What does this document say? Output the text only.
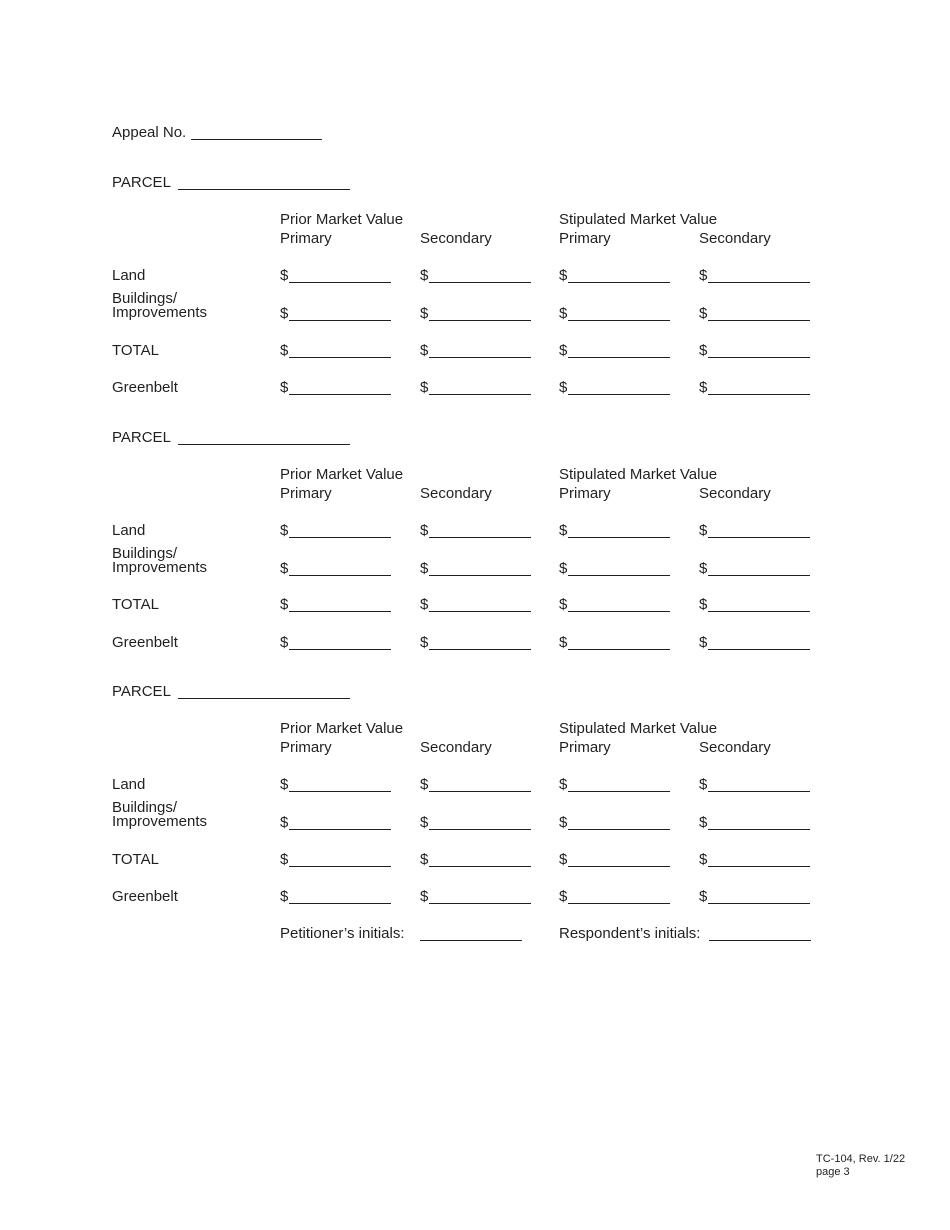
Appeal No.
PARCEL
Prior Market Value	Stipulated Market Value
Primary	Secondary	Primary	Secondary
Land	$	$	$	$
Buildings/
Improvements	$	$	$	$
TOTAL	$	$	$	$
Greenbelt	$	$	$	$
PARCEL
Prior Market Value	Stipulated Market Value
Primary	Secondary	Primary	Secondary
Land	$	$	$	$
Buildings/
Improvements	$	$	$	$
TOTAL	$	$	$	$
Greenbelt	$	$	$	$
PARCEL
Prior Market Value	Stipulated Market Value
Primary	Secondary	Primary	Secondary
Land	$	$	$	$
Buildings/
Improvements	$	$	$	$
TOTAL	$	$	$	$
Greenbelt	$	$	$	$
Petitioner’s initials:	Respondent’s initials:
TC-104, Rev. 1/22
page 3
